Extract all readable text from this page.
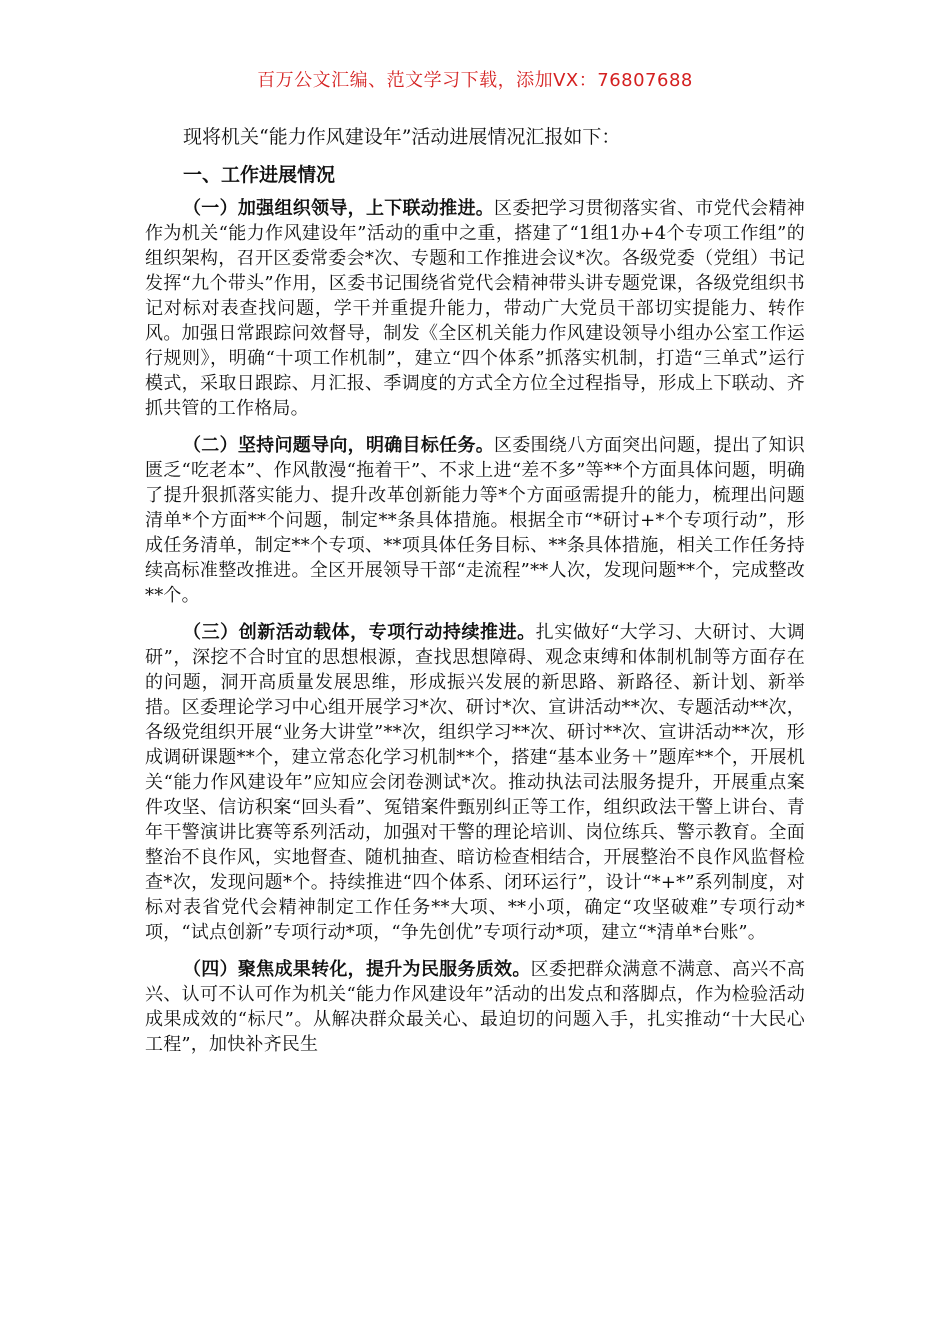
百万公文汇编、范文学习下载，添加VX：76807688

现将机关“能力作风建设年”活动进展情况汇报如下：

一、工作进展情况

（一）加强组织领导，上下联动推进。区委把学习贯彻落实省、市党代会精神作为机关“能力作风建设年”活动的重中之重，搭建了“1组1办+4个专项工作组”的组织架构，召开区委常委会*次、专题和工作推进会议*次。各级党委（党组）书记发挥“九个带头”作用，区委书记围绕省党代会精神带头讲专题党课，各级党组织书记对标对表查找问题，学干并重提升能力，带动广大党员干部切实提能力、转作风。加强日常跟踪问效督导，制发《全区机关能力作风建设领导小组办公室工作运行规则》，明确“十项工作机制”，建立“四个体系”抓落实机制，打造“三单式”运行模式，采取日跟踪、月汇报、季调度的方式全方位全过程指导，形成上下联动、齐抓共管的工作格局。

（二）坚持问题导向，明确目标任务。区委围绕八方面突出问题，提出了知识匮乏“吃老本”、作风散漫“拖着干”、不求上进“差不多”等**个方面具体问题，明确了提升狠抓落实能力、提升改革创新能力等*个方面亟需提升的能力，梳理出问题清单*个方面**个问题，制定**条具体措施。根据全市“*研讨+*个专项行动”，形成任务清单，制定**个专项、**项具体任务目标、**条具体措施，相关工作任务持续高标准整改推进。全区开展领导干部“走流程”**人次，发现问题**个，完成整改**个。

（三）创新活动载体，专项行动持续推进。扎实做好“大学习、大研讨、大调研”，深挖不合时宜的思想根源，查找思想障碍、观念束缚和体制机制等方面存在的问题，洞开高质量发展思维，形成振兴发展的新思路、新路径、新计划、新举措。区委理论学习中心组开展学习*次、研讨*次、宣讲活动**次、专题活动**次，各级党组织开展“业务大讲堂”**次，组织学习**次、研讨**次、宣讲活动**次，形成调研课题**个，建立常态化学习机制**个，搭建“基本业务＋”题库**个，开展机关“能力作风建设年”应知应会闭卷测试*次。推动执法司法服务提升，开展重点案件攻坚、信访积案“回头看”、冤错案件甄别纠正等工作，组织政法干警上讲台、青年干警演讲比赛等系列活动，加强对干警的理论培训、岗位练兵、警示教育。全面整治不良作风，实地督查、随机抽查、暗访检查相结合，开展整治不良作风监督检查*次，发现问题*个。持续推进“四个体系、闭环运行”，设计“*+*”系列制度，对标对表省党代会精神制定工作任务**大项、**小项，确定“攻坚破难”专项行动*项，“试点创新”专项行动*项，“争先创优”专项行动*项，建立“*清单*台账”。

（四）聚焦成果转化，提升为民服务质效。区委把群众满意不满意、高兴不高兴、认可不认可作为机关“能力作风建设年”活动的出发点和落脚点，作为检验活动成果成效的“标尺”。从解决群众最关心、最迫切的问题入手，扎实推动“十大民心工程”，加快补齐民生
